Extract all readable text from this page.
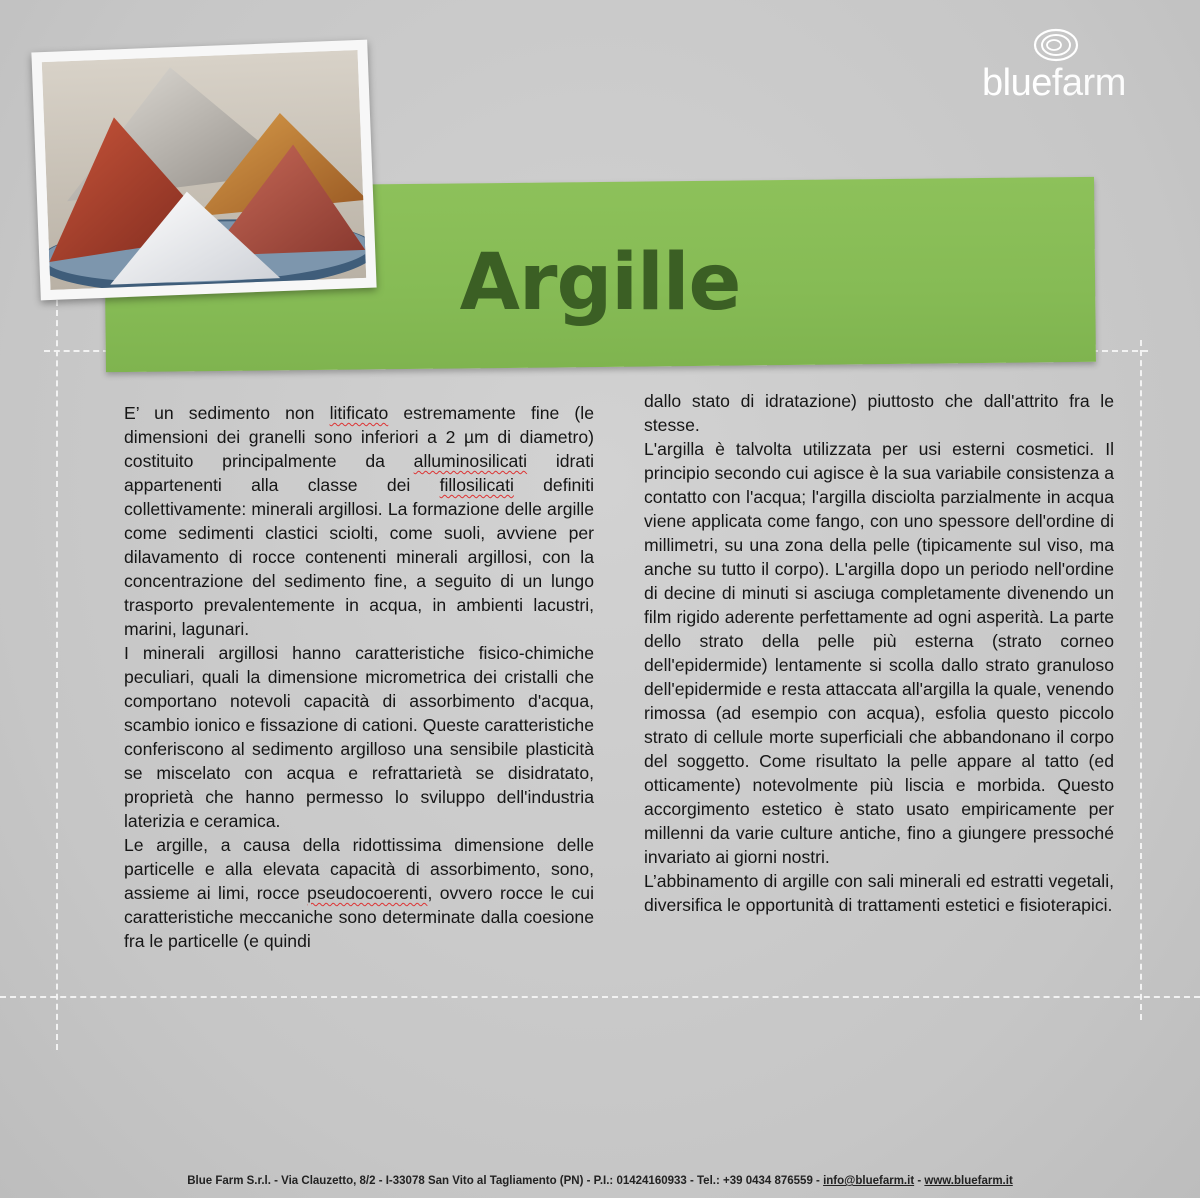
Argille
bluefarm

E’ un sedimento non litificato estremamente fine (le dimensioni dei granelli sono inferiori a 2 µm di diametro) costituito principalmente da alluminosilicati idrati appartenenti alla classe dei fillosilicati definiti collettivamente: minerali argillosi. La formazione delle argille come sedimenti clastici sciolti, come suoli, avviene per dilavamento di rocce contenenti minerali argillosi, con la concentrazione del sedimento fine, a seguito di un lungo trasporto prevalentemente in acqua, in ambienti lacustri, marini, lagunari.

I minerali argillosi hanno caratteristiche fisico-chimiche peculiari, quali la dimensione micrometrica dei cristalli che comportano notevoli capacità di assorbimento d'acqua, scambio ionico e fissazione di cationi. Queste caratteristiche conferiscono al sedimento argilloso una sensibile plasticità se miscelato con acqua e refrattarietà se disidratato, proprietà che hanno permesso lo sviluppo dell'industria laterizia e ceramica.

Le argille, a causa della ridottissima dimensione delle particelle e alla elevata capacità di assorbimento, sono, assieme ai limi, rocce pseudocoerenti, ovvero rocce le cui caratteristiche meccaniche sono determinate dalla coesione fra le particelle (e quindi

dallo stato di idratazione) piuttosto che dall'attrito fra le stesse.

L'argilla è talvolta utilizzata per usi esterni cosmetici. Il principio secondo cui agisce è la sua variabile consistenza a contatto con l'acqua; l'argilla disciolta parzialmente in acqua viene applicata come fango, con uno spessore dell'ordine di millimetri, su una zona della pelle (tipicamente sul viso, ma anche su tutto il corpo). L'argilla dopo un periodo nell'ordine di decine di minuti si asciuga completamente divenendo un film rigido aderente perfettamente ad ogni asperità. La parte dello strato della pelle più esterna (strato corneo dell'epidermide) lentamente si scolla dallo strato granuloso dell'epidermide e resta attaccata all'argilla la quale, venendo rimossa (ad esempio con acqua), esfolia questo piccolo strato di cellule morte superficiali che abbandonano il corpo del soggetto. Come risultato la pelle appare al tatto (ed otticamente) notevolmente più liscia e morbida. Questo accorgimento estetico è stato usato empiricamente per millenni da varie culture antiche, fino a giungere pressoché invariato ai giorni nostri.

L’abbinamento di argille con sali minerali ed estratti vegetali, diversifica le opportunità di trattamenti estetici e fisioterapici.

Blue Farm S.r.l. - Via Clauzetto, 8/2 - I-33078 San Vito al Tagliamento (PN) - P.I.: 01424160933 - Tel.: +39 0434 876559 - info@bluefarm.it - www.bluefarm.it
